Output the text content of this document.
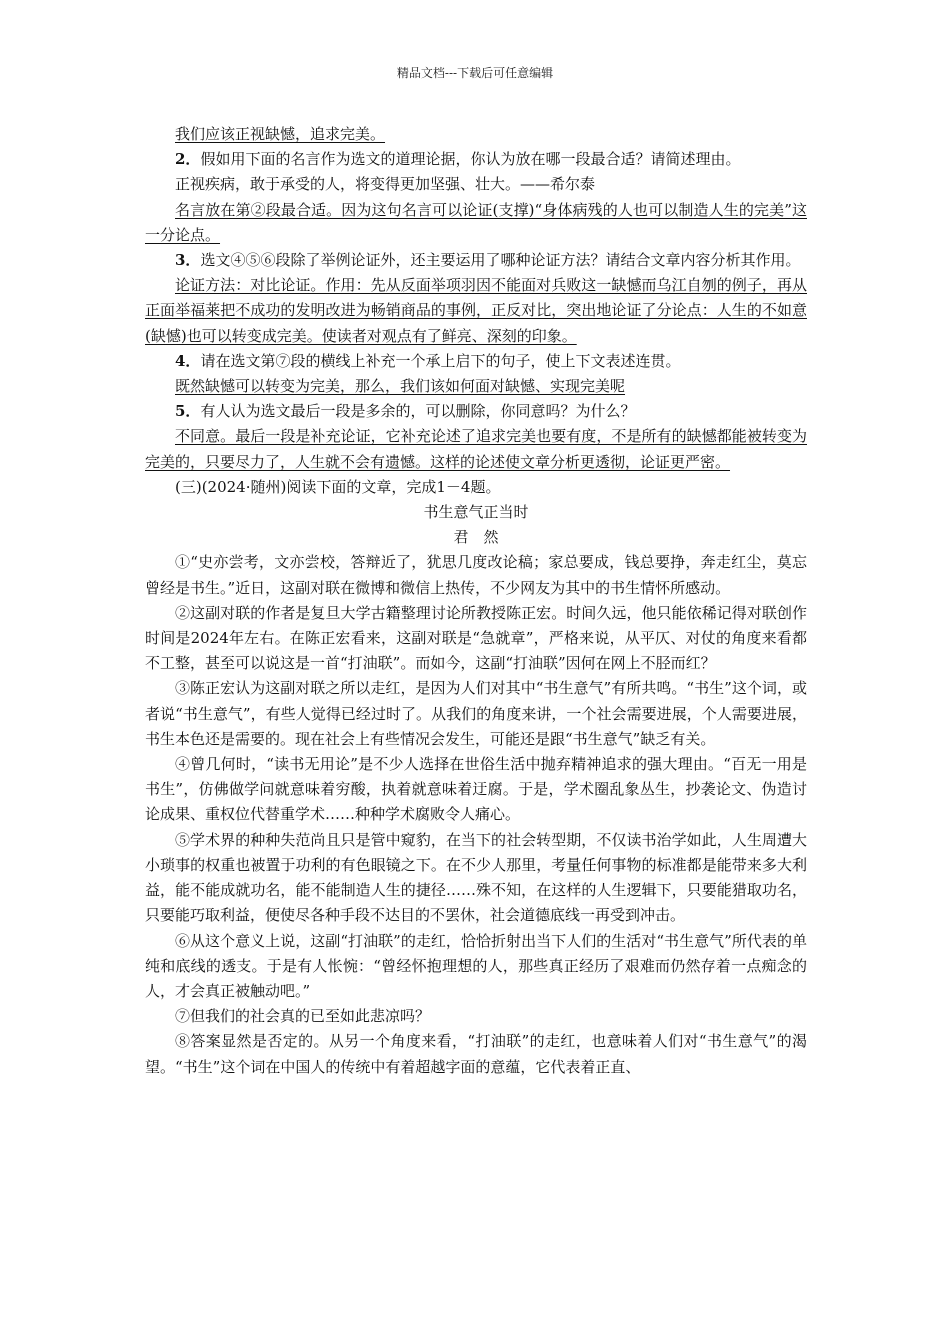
精品文档---下载后可任意编辑

我们应该正视缺憾，追求完美。

2．假如用下面的名言作为选文的道理论据，你认为放在哪一段最合适？请简述理由。

正视疾病，敢于承受的人，将变得更加坚强、壮大。——希尔泰

名言放在第②段最合适。因为这句名言可以论证(支撑)“身体病残的人也可以制造人生的完美”这一分论点。

3．选文④⑤⑥段除了举例论证外，还主要运用了哪种论证方法？请结合文章内容分析其作用。

论证方法：对比论证。作用：先从反面举项羽因不能面对兵败这一缺憾而乌江自刎的例子，再从正面举福莱把不成功的发明改进为畅销商品的事例，正反对比，突出地论证了分论点：人生的不如意(缺憾)也可以转变成完美。使读者对观点有了鲜亮、深刻的印象。

4．请在选文第⑦段的横线上补充一个承上启下的句子，使上下文表述连贯。

既然缺憾可以转变为完美，那么，我们该如何面对缺憾、实现完美呢

5．有人认为选文最后一段是多余的，可以删除，你同意吗？为什么？

不同意。最后一段是补充论证，它补充论述了追求完美也要有度，不是所有的缺憾都能被转变为完美的，只要尽力了，人生就不会有遗憾。这样的论述使文章分析更透彻，论证更严密。

(三)(2024·随州)阅读下面的文章，完成1－4题。

书生意气正当时

君　然

①“史亦尝考，文亦尝校，答辩近了，犹思几度改论稿；家总要成，钱总要挣，奔走红尘，莫忘曾经是书生。”近日，这副对联在微博和微信上热传，不少网友为其中的书生情怀所感动。

②这副对联的作者是复旦大学古籍整理讨论所教授陈正宏。时间久远，他只能依稀记得对联创作时间是2024年左右。在陈正宏看来，这副对联是“急就章”，严格来说，从平仄、对仗的角度来看都不工整，甚至可以说这是一首“打油联”。而如今，这副“打油联”因何在网上不胫而红？

③陈正宏认为这副对联之所以走红，是因为人们对其中“书生意气”有所共鸣。“书生”这个词，或者说“书生意气”，有些人觉得已经过时了。从我们的角度来讲，一个社会需要进展，个人需要进展，书生本色还是需要的。现在社会上有些情况会发生，可能还是跟“书生意气”缺乏有关。

④曾几何时，“读书无用论”是不少人选择在世俗生活中抛弃精神追求的强大理由。“百无一用是书生”，仿佛做学问就意味着穷酸，执着就意味着迂腐。于是，学术圈乱象丛生，抄袭论文、伪造讨论成果、重权位代替重学术……种种学术腐败令人痛心。

⑤学术界的种种失范尚且只是管中窥豹，在当下的社会转型期，不仅读书治学如此，人生周遭大小琐事的权重也被置于功利的有色眼镜之下。在不少人那里，考量任何事物的标准都是能带来多大利益，能不能成就功名，能不能制造人生的捷径……殊不知，在这样的人生逻辑下，只要能猎取功名，只要能巧取利益，便使尽各种手段不达目的不罢休，社会道德底线一再受到冲击。

⑥从这个意义上说，这副“打油联”的走红，恰恰折射出当下人们的生活对“书生意气”所代表的单纯和底线的透支。于是有人怅惋：“曾经怀抱理想的人，那些真正经历了艰难而仍然存着一点痴念的人，才会真正被触动吧。”

⑦但我们的社会真的已至如此悲凉吗？

⑧答案显然是否定的。从另一个角度来看，“打油联”的走红，也意味着人们对“书生意气”的渴望。“书生”这个词在中国人的传统中有着超越字面的意蕴，它代表着正直、
